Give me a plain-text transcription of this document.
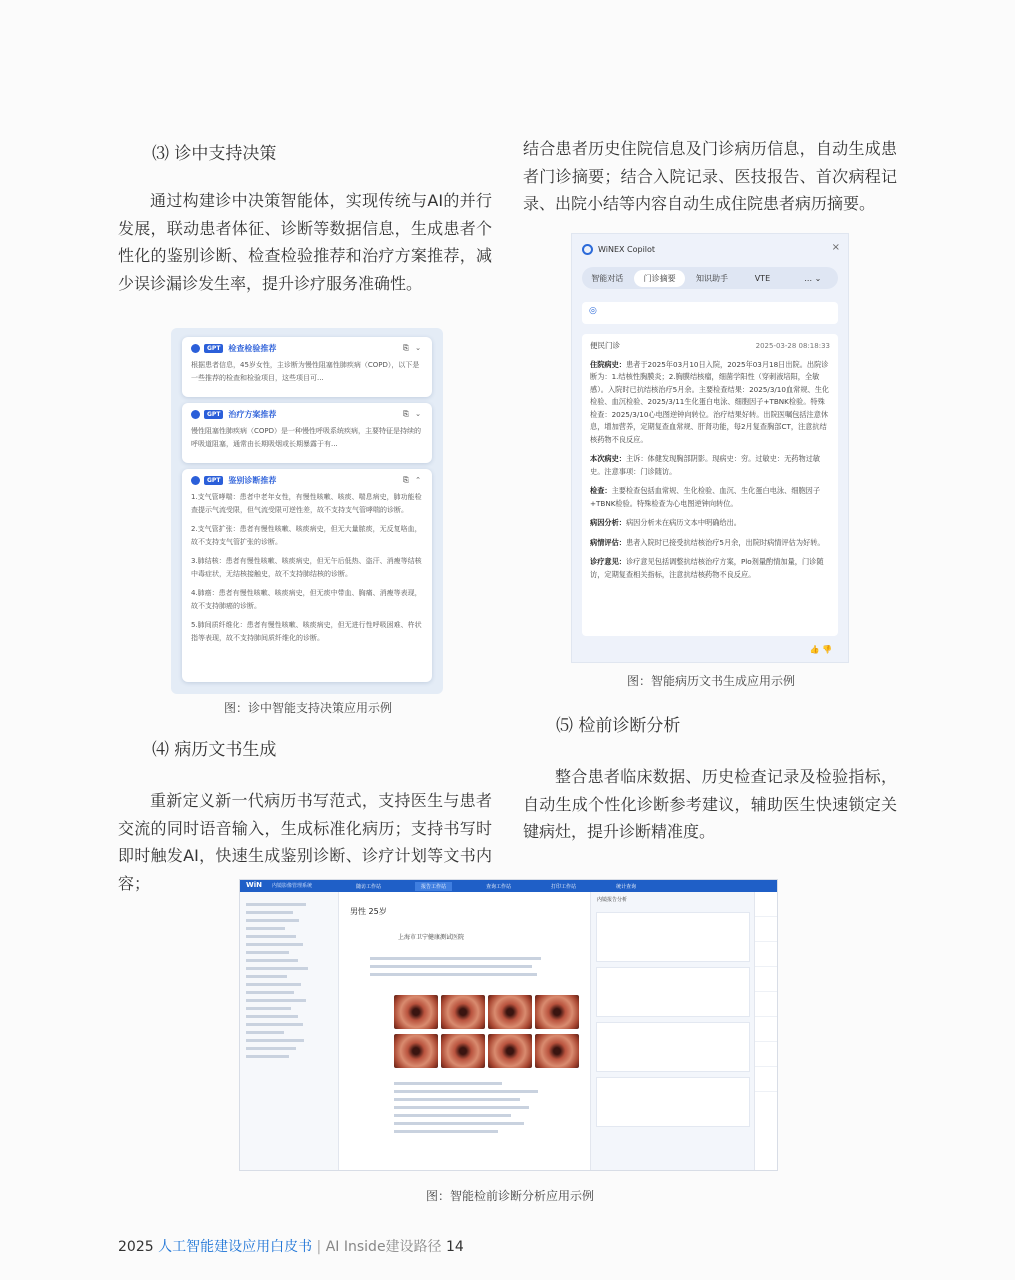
⑶ 诊中支持决策
通过构建诊中决策智能体，实现传统与AI的并行发展，联动患者体征、诊断等数据信息，生成患者个性化的鉴别诊断、检查检验推荐和治疗方案推荐，减少误诊漏诊发生率，提升诊疗服务准确性。
GPT	检查检验推荐	⎘ ⌄
根据患者信息，45岁女性，主诊断为慢性阻塞性肺疾病（COPD），以下是一些推荐的检查和检验项目，这些项目可...
GPT	治疗方案推荐	⎘ ⌄
慢性阻塞性肺疾病（COPD）是一种慢性呼吸系统疾病，主要特征是持续的呼吸道阻塞，通常由长期吸烟或长期暴露于有...
GPT	鉴别诊断推荐	⎘ ⌃

1.支气管哮喘：患者中老年女性，有慢性咳嗽、咳痰、喘息病史，肺功能检查提示气流受限，但气流受限可逆性差，故不支持支气管哮喘的诊断。

2.支气管扩张：患者有慢性咳嗽、咳痰病史，但无大量脓痰，无反复咯血，故不支持支气管扩张的诊断。

3.肺结核：患者有慢性咳嗽、咳痰病史，但无午后低热、盗汗、消瘦等结核中毒症状，无结核接触史，故不支持肺结核的诊断。

4.肺癌：患者有慢性咳嗽、咳痰病史，但无痰中带血、胸痛、消瘦等表现，故不支持肺癌的诊断。

5.肺间质纤维化：患者有慢性咳嗽、咳痰病史，但无进行性呼吸困难、杵状指等表现，故不支持肺间质纤维化的诊断。

图：诊中智能支持决策应用示例
⑷ 病历文书生成
重新定义新一代病历书写范式，支持医生与患者交流的同时语音输入，生成标准化病历；支持书写时即时触发AI，快速生成鉴别诊断、诊疗计划等文书内容；
结合患者历史住院信息及门诊病历信息，自动生成患者门诊摘要；结合入院记录、医技报告、首次病程记录、出院小结等内容自动生成住院患者病历摘要。
WiNEX Copilot	×
智能对话	门诊摘要	知识助手	VTE	... ⌄
◎
便民门诊	2025-03-28 08:18:33
住院病史：患者于2025年03月10日入院，2025年03月18日出院。出院诊断为：1.结核性胸膜炎；2.胸膜结核瘤，细菌学阳性（穿刺液培阳，全敏感）。入院时已抗结核治疗5月余。主要检查结果：2025/3/10血常规、生化检验、血沉检验、2025/3/11生化蛋白电泳、细胞因子+TBNK检验。特殊检查：2025/3/10心电图逆钟向转位。治疗结果好转。出院医嘱包括注意休息，增加营养，定期复查血常规、肝肾功能，每2月复查胸部CT，注意抗结核药物不良反应。
本次病史：主诉：体健发现胸部阴影。现病史：穷。过敏史：无药物过敏史。注意事项：门诊随访。
检查：主要检查包括血常规、生化检验、血沉、生化蛋白电泳、细胞因子+TBNK检验。特殊检查为心电图逆钟向转位。
病因分析：病因分析未在病历文本中明确给出。
病情评估：患者入院时已接受抗结核治疗5月余，出院时病情评估为好转。
诊疗意见：诊疗意见包括调整抗结核治疗方案，Plo剂量酌情加量，门诊随访，定期复查相关指标，注意抗结核药物不良反应。
👍 👎
图：智能病历文书生成应用示例
⑸ 检前诊断分析
整合患者临床数据、历史检查记录及检验指标，自动生成个性化诊断参考建议，辅助医生快速锁定关键病灶，提升诊断精准度。
WiN 内镜影像管理系统	随访工作站	报告工作站	查询工作站	打印工作站	统计查询
男性 25岁
上海市卫宁健康测试医院
内镜报告分析
图：智能检前诊断分析应用示例
2025 人工智能建设应用白皮书 | AI Inside建设路径 14
